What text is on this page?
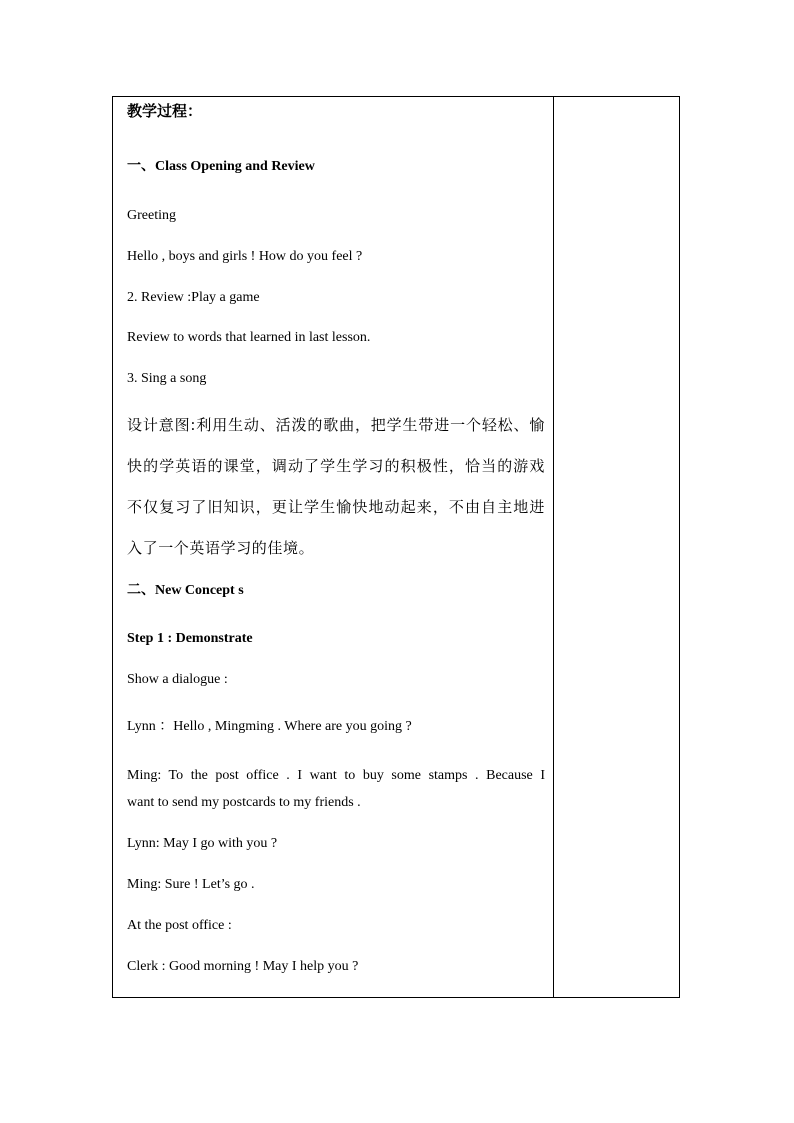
教学过程：
一、Class Opening and Review
Greeting
Hello , boys and girls ! How do you feel ?
2. Review :Play a game
Review to words that learned in last lesson.
3. Sing a song
设计意图:利用生动、活泼的歌曲，把学生带进一个轻松、愉
快的学英语的课堂，调动了学生学习的积极性，恰当的游戏
不仅复习了旧知识，更让学生愉快地动起来，不由自主地进
入了一个英语学习的佳境。
二、New Concept s
Step 1 : Demonstrate
Show a dialogue :
Lynn ：Hello , Mingming . Where are you going ?
Ming: To the post office . I want to buy some stamps . Because I
want to send my postcards to my friends .
Lynn: May I go with you ?
Ming: Sure ! Let’s go .
At the post office :
Clerk : Good morning ! May I help you ?
